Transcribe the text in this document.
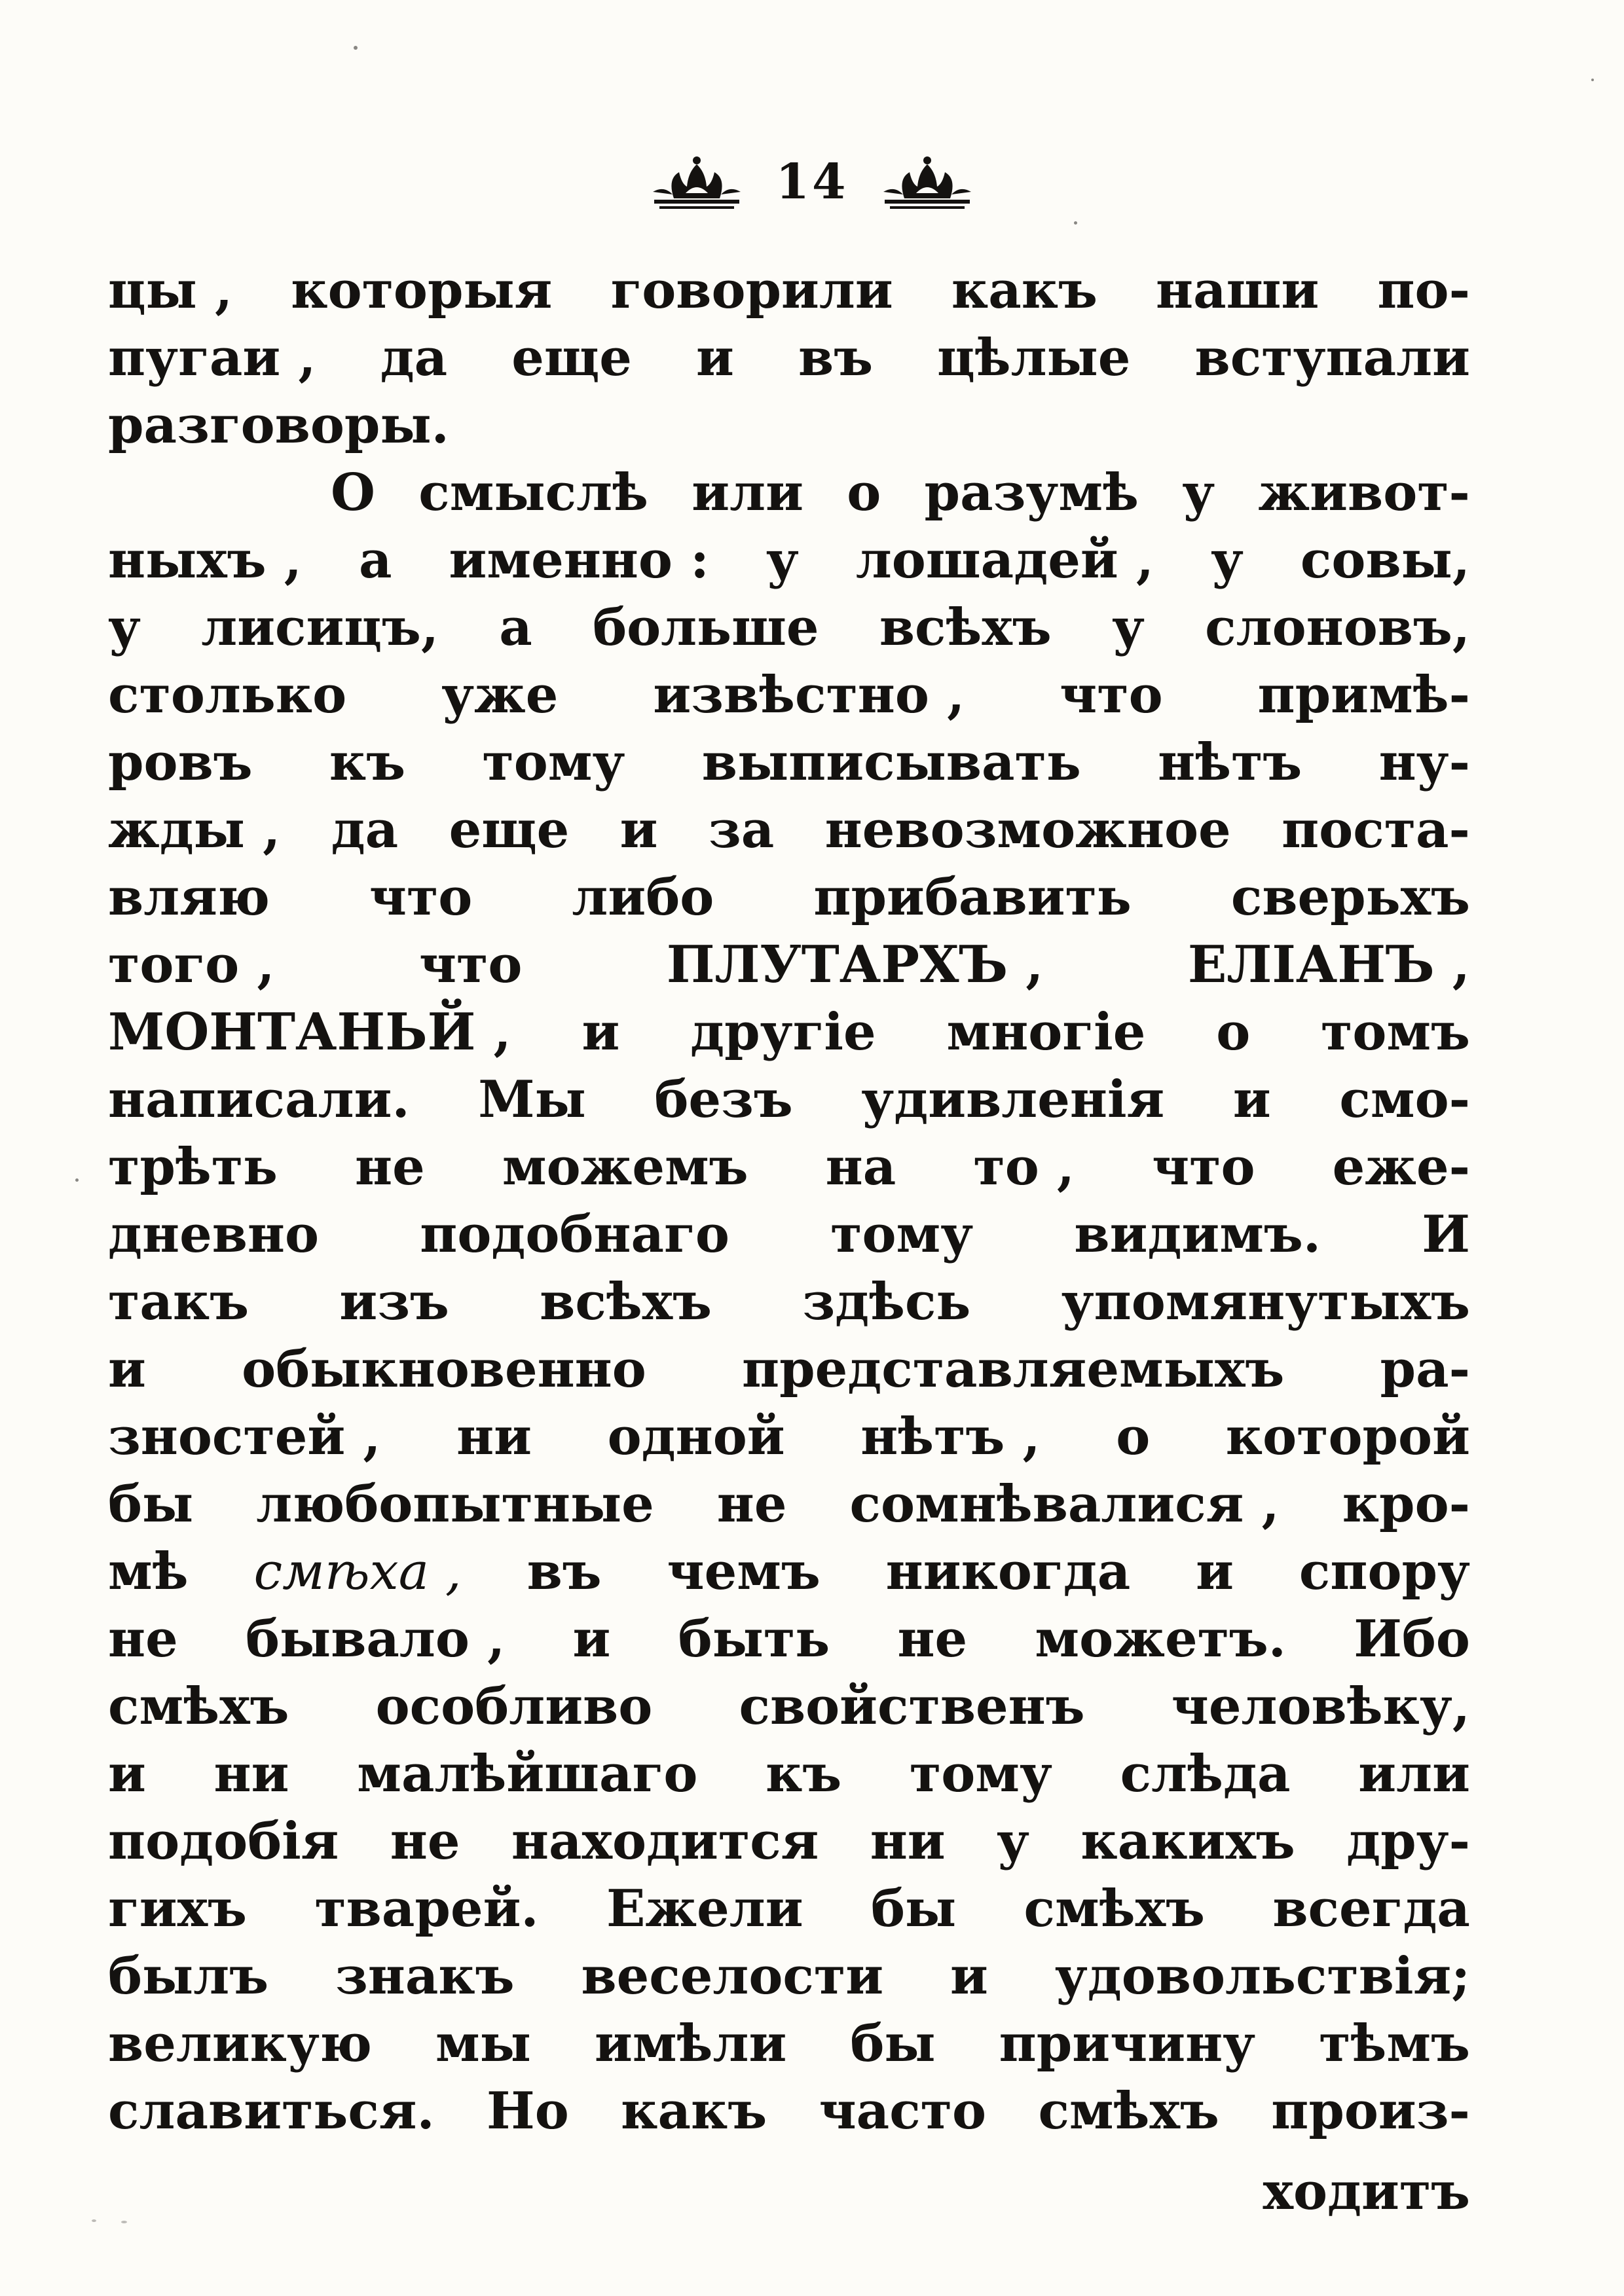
14
цы , которыя говорили какъ наши по-
пугаи , да еще и въ цѣлые вступали
разговоры.
О смыслѣ или о разумѣ у живот-
ныхъ , а именно : у лошадей , у совы,
у лисицъ, а больше всѣхъ у слоновъ,
столько уже извѣстно , что примѣ-
ровъ къ тому выписывать нѣтъ ну-
жды , да еще и за невозможное поста-
вляю что либо прибавить сверьхъ
того ,	что	ПЛУТАРХЪ ,	ЕЛІАНЪ ,
МОНТАНЬЙ , и другіе многіе о томъ
написали. Мы безъ удивленія и смо-
трѣть не можемъ на то , что еже-
дневно подобнаго тому видимъ. И
такъ изъ всѣхъ здѣсь упомянутыхъ
и обыкновенно представляемыхъ ра-
зностей , ни одной нѣтъ , о которой
бы любопытные не сомнѣвалися , кро-
мѣ смѣха , въ чемъ никогда и спору
не бывало , и быть не можетъ. Ибо
смѣхъ особливо свойственъ человѣку,
и ни малѣйшаго къ тому слѣда или
подобія не находится ни у какихъ дру-
гихъ тварей. Ежели бы смѣхъ всегда
былъ знакъ веселости и удовольствія;
великую мы имѣли бы причину тѣмъ
славиться. Но какъ часто смѣхъ произ-
ходитъ
